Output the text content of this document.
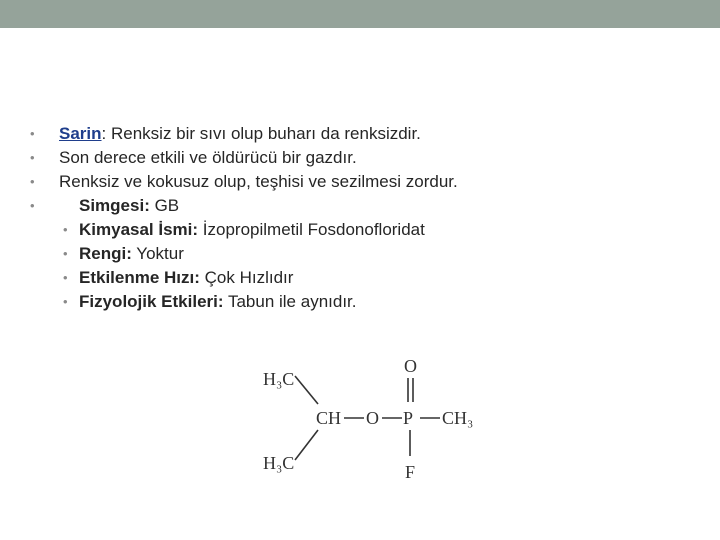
• Sarin: Renksiz bir sıvı olup buharı da renksizdir.
• Son derece etkili ve öldürücü bir gazdır.
• Renksiz ve kokusuz olup, teşhisi ve sezilmesi zordur.
• Simgesi: GB
• Kimyasal İsmi: İzopropilmetil Fosdonofloridat
• Rengi: Yoktur
• Etkilenme Hızı: Çok Hızlıdır
• Fizyolojik Etkileri: Tabun ile aynıdır.
H₃C
H₃C
CH O P CH₃
O
F
